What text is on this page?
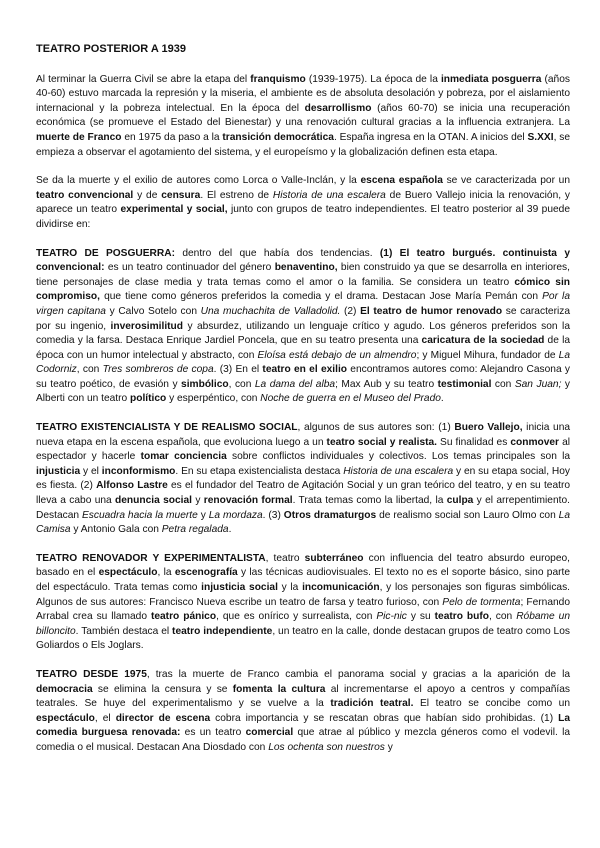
TEATRO POSTERIOR A 1939

Al terminar la Guerra Civil se abre la etapa del franquismo (1939-1975). La época de la inmediata posguerra (años 40-60) estuvo marcada la represión y la miseria, el ambiente es de absoluta desolación y pobreza, por el aislamiento internacional y la pobreza intelectual. En la época del desarrollismo (años 60-70) se inicia una recuperación económica (se promueve el Estado del Bienestar) y una renovación cultural gracias a la influencia extranjera. La muerte de Franco en 1975 da paso a la transición democrática. España ingresa en la OTAN. A inicios del S.XXI, se empieza a observar el agotamiento del sistema, y el europeísmo y la globalización definen esta etapa.

Se da la muerte y el exilio de autores como Lorca o Valle-Inclán, y la escena española se ve caracterizada por un teatro convencional y de censura. El estreno de Historia de una escalera de Buero Vallejo inicia la renovación, y aparece un teatro experimental y social, junto con grupos de teatro independientes. El teatro posterior al 39 puede dividirse en:

TEATRO DE POSGUERRA: dentro del que había dos tendencias. (1) El teatro burgués. continuista y convencional: es un teatro continuador del género benaventino, bien construido ya que se desarrolla en interiores, tiene personajes de clase media y trata temas como el amor o la familia. Se considera un teatro cómico sin compromiso, que tiene como géneros preferidos la comedia y el drama. Destacan Jose María Pemán con Por la virgen capitana y Calvo Sotelo con Una muchachita de Valladolid. (2) El teatro de humor renovado se caracteriza por su ingenio, inverosimilitud y absurdez, utilizando un lenguaje crítico y agudo. Los géneros preferidos son la comedia y la farsa. Destaca Enrique Jardiel Poncela, que en su teatro presenta una caricatura de la sociedad de la época con un humor intelectual y abstracto, con Eloísa está debajo de un almendro; y Miguel Mihura, fundador de La Codorniz, con Tres sombreros de copa. (3) En el teatro en el exilio encontramos autores como: Alejandro Casona y su teatro poético, de evasión y simbólico, con La dama del alba; Max Aub y su teatro testimonial con San Juan; y Alberti con un teatro político y esperpéntico, con Noche de guerra en el Museo del Prado.

TEATRO EXISTENCIALISTA Y DE REALISMO SOCIAL, algunos de sus autores son: (1) Buero Vallejo, inicia una nueva etapa en la escena española, que evoluciona luego a un teatro social y realista. Su finalidad es conmover al espectador y hacerle tomar conciencia sobre conflictos individuales y colectivos. Los temas principales son la injusticia y el inconformismo. En su etapa existencialista destaca Historia de una escalera y en su etapa social, Hoy es fiesta. (2) Alfonso Lastre es el fundador del Teatro de Agitación Social y un gran teórico del teatro, y en su teatro lleva a cabo una denuncia social y renovación formal. Trata temas como la libertad, la culpa y el arrepentimiento. Destacan Escuadra hacia la muerte y La mordaza. (3) Otros dramaturgos de realismo social son Lauro Olmo con La Camisa y Antonio Gala con Petra regalada.

TEATRO RENOVADOR Y EXPERIMENTALISTA, teatro subterráneo con influencia del teatro absurdo europeo, basado en el espectáculo, la escenografía y las técnicas audiovisuales. El texto no es el soporte básico, sino parte del espectáculo. Trata temas como injusticia social y la incomunicación, y los personajes son figuras simbólicas. Algunos de sus autores: Francisco Nueva escribe un teatro de farsa y teatro furioso, con Pelo de tormenta; Fernando Arrabal crea su llamado teatro pánico, que es onírico y surrealista, con Pic-nic y su teatro bufo, con Róbame un billoncito. También destaca el teatro independiente, un teatro en la calle, donde destacan grupos de teatro como Los Goliardos o Els Joglars.

TEATRO DESDE 1975, tras la muerte de Franco cambia el panorama social y gracias a la aparición de la democracia se elimina la censura y se fomenta la cultura al incrementarse el apoyo a centros y compañías teatrales. Se huye del experimentalismo y se vuelve a la tradición teatral. El teatro se concibe como un espectáculo, el director de escena cobra importancia y se rescatan obras que habían sido prohibidas. (1) La comedia burguesa renovada: es un teatro comercial que atrae al público y mezcla géneros como el vodevil. la comedia o el musical. Destacan Ana Diosdado con Los ochenta son nuestros y
